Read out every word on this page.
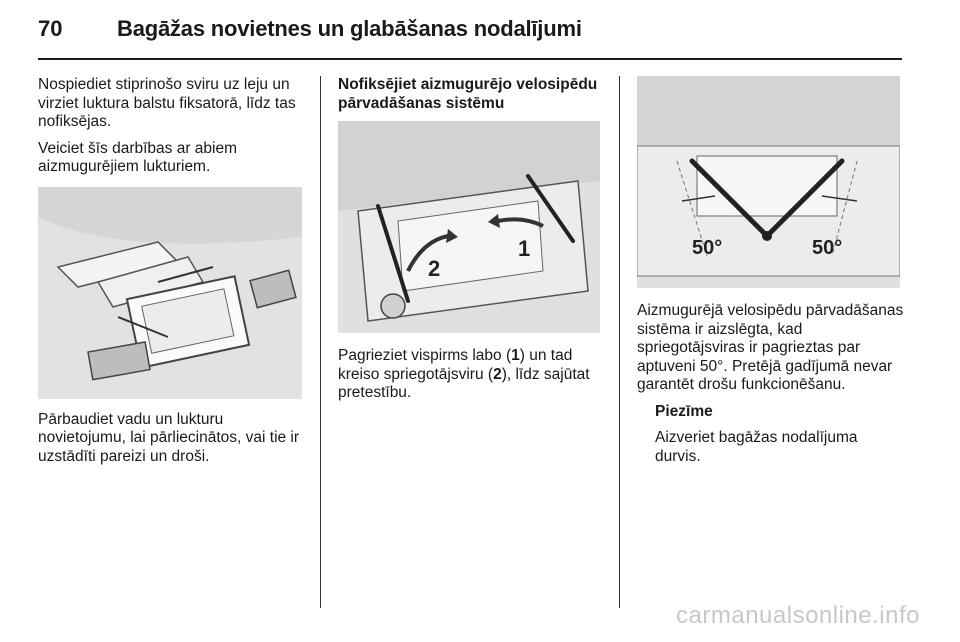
70 Bagāžas novietnes un glabāšanas nodalījumi

Nospiediet stiprinošo sviru uz leju un virziet luktura balstu fiksatorā, līdz tas nofiksējas.

Veiciet šīs darbības ar abiem aizmugurējiem lukturiem.

Pārbaudiet vadu un lukturu novietojumu, lai pārliecinātos, vai tie ir uzstādīti pareizi un droši.

Nofiksējiet aizmugurējo velosipēdu pārvadāšanas sistēmu

1
2

Pagrieziet vispirms labo (1) un tad kreiso spriegotājsviru (2), līdz sajūtat pretestību.

50°	50°

Aizmugurējā velosipēdu pārvadāšanas sistēma ir aizslēgta, kad spriegotājsviras ir pagrieztas par aptuveni 50°. Pretējā gadījumā nevar garantēt drošu funkcionēšanu.

Piezīme

Aizveriet bagāžas nodalījuma durvis.

carmanualsonline.info
